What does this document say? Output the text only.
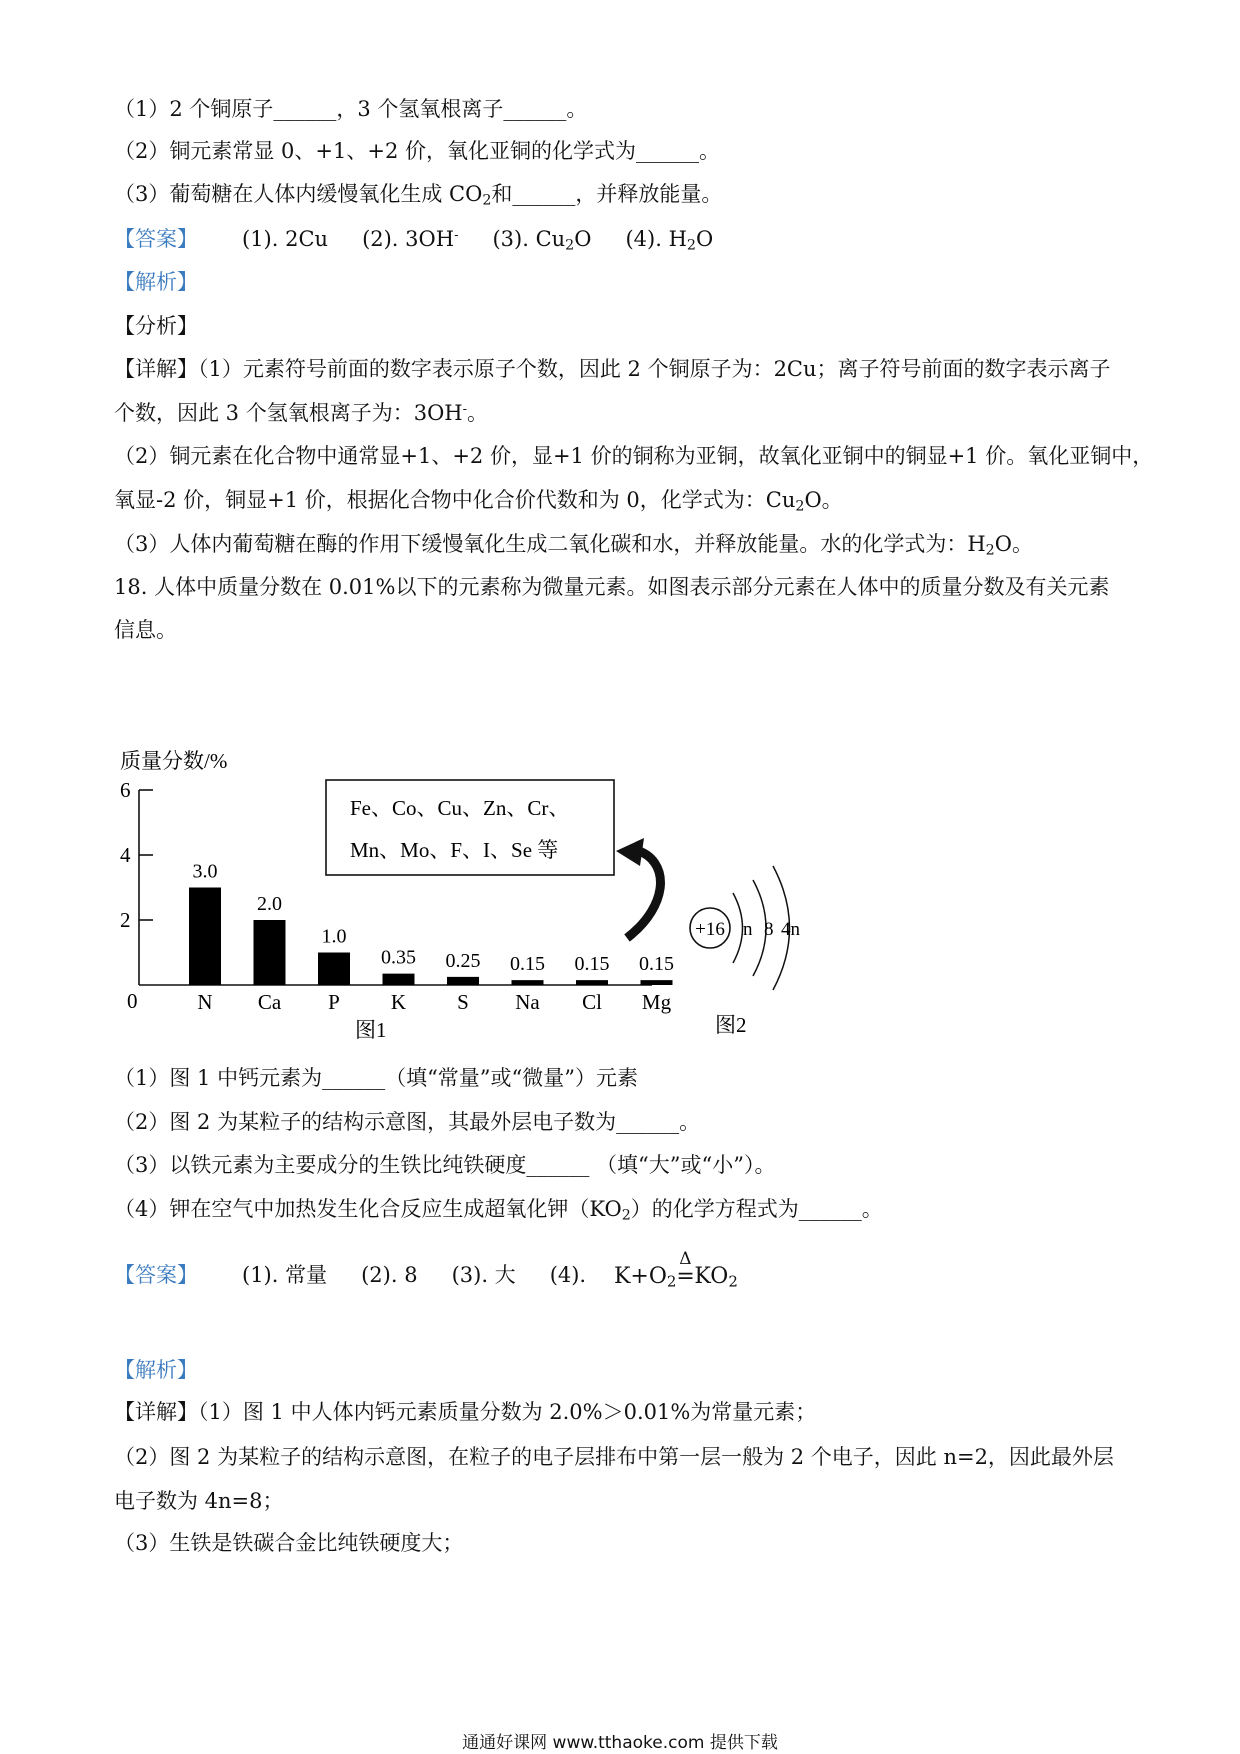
（1）2 个铜原子______，3 个氢氧根离子______。
（2）铜元素常显 0、+1、+2 价，氧化亚铜的化学式为______。
（3）葡萄糖在人体内缓慢氧化生成 $CO_2$和______，并释放能量。
【答案】 (1). 2Cu (2). 3OH- (3). $Cu_2O$ (4). $H_2O$
【解析】
【分析】
【详解】（1）元素符号前面的数字表示原子个数，因此 2 个铜原子为：2Cu；离子符号前面的数字表示离子
个数，因此 3 个氢氧根离子为：3OH-。
（2）铜元素在化合物中通常显+1、+2 价，显+1 价的铜称为亚铜，故氧化亚铜中的铜显+1 价。氧化亚铜中，
氧显-2 价，铜显+1 价，根据化合物中化合价代数和为 0，化学式为：$Cu_2O$。
（3）人体内葡萄糖在酶的作用下缓慢氧化生成二氧化碳和水，并释放能量。水的化学式为：$H_2O$。
18. 人体中质量分数在 0.01%以下的元素称为微量元素。如图表示部分元素在人体中的质量分数及有关元素
信息。
质量分数/%
0
2
4
6
3.0
N
2.0
Ca
1.0
P
0.35
K
0.25
S
0.15
Na
0.15
Cl
0.15
Mg
Fe、Co、Cu、Zn、Cr、
Mn、Mo、F、I、Se 等
图1
+16 n 8 4n
图2
（1）图 1 中钙元素为______（填“常量”或“微量”）元素
（2）图 2 为某粒子的结构示意图，其最外层电子数为______。
（3）以铁元素为主要成分的生铁比纯铁硬度______ （填“大”或“小”）。
（4）钾在空气中加热发生化合反应生成超氧化钾$(KO_2)$的化学方程式为______。
【答案】 (1). 常量 (2). 8 (3). 大 (4). $K+O_2$
Δ
$=KO_2$
【解析】
【详解】（1）图 1 中人体内钙元素质量分数为 2.0%＞0.01%为常量元素；
（2）图 2 为某粒子的结构示意图，在粒子的电子层排布中第一层一般为 2 个电子，因此 n=2，因此最外层
电子数为 4n=8；
（3）生铁是铁碳合金比纯铁硬度大；
通通好课网 www.tthaoke.com 提供下载
